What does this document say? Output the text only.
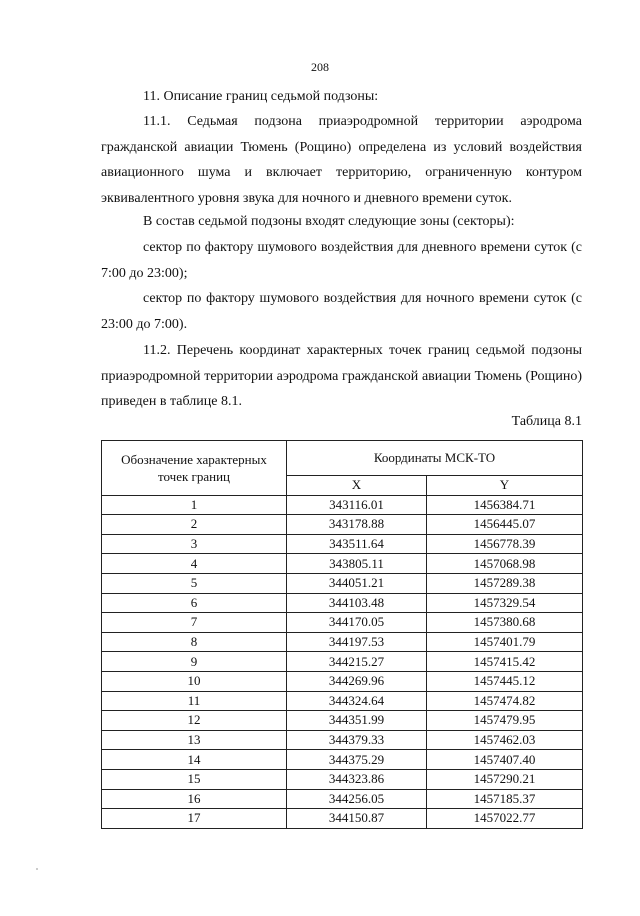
208

11. Описание границ седьмой подзоны:

11.1. Седьмая подзона приаэродромной территории аэродрома гражданской авиации Тюмень (Рощино) определена из условий воздействия авиационного шума и включает территорию, ограниченную контуром эквивалентного уровня звука для ночного и дневного времени суток.

В состав седьмой подзоны входят следующие зоны (секторы):

сектор по фактору шумового воздействия для дневного времени суток (с 7:00 до 23:00);

сектор по фактору шумового воздействия для ночного времени суток (с 23:00 до 7:00).

11.2. Перечень координат характерных точек границ седьмой подзоны приаэродромной территории аэродрома гражданской авиации Тюмень (Рощино) приведен в таблице 8.1.

Таблица 8.1
Обозначение характерных точек границ	Координаты МСК-ТО	
	X	Y
1	343116.01	1456384.71
2	343178.88	1456445.07
3	343511.64	1456778.39
4	343805.11	1457068.98
5	344051.21	1457289.38
6	344103.48	1457329.54
7	344170.05	1457380.68
8	344197.53	1457401.79
9	344215.27	1457415.42
10	344269.96	1457445.12
11	344324.64	1457474.82
12	344351.99	1457479.95
13	344379.33	1457462.03
14	344375.29	1457407.40
15	344323.86	1457290.21
16	344256.05	1457185.37
17	344150.87	1457022.77
